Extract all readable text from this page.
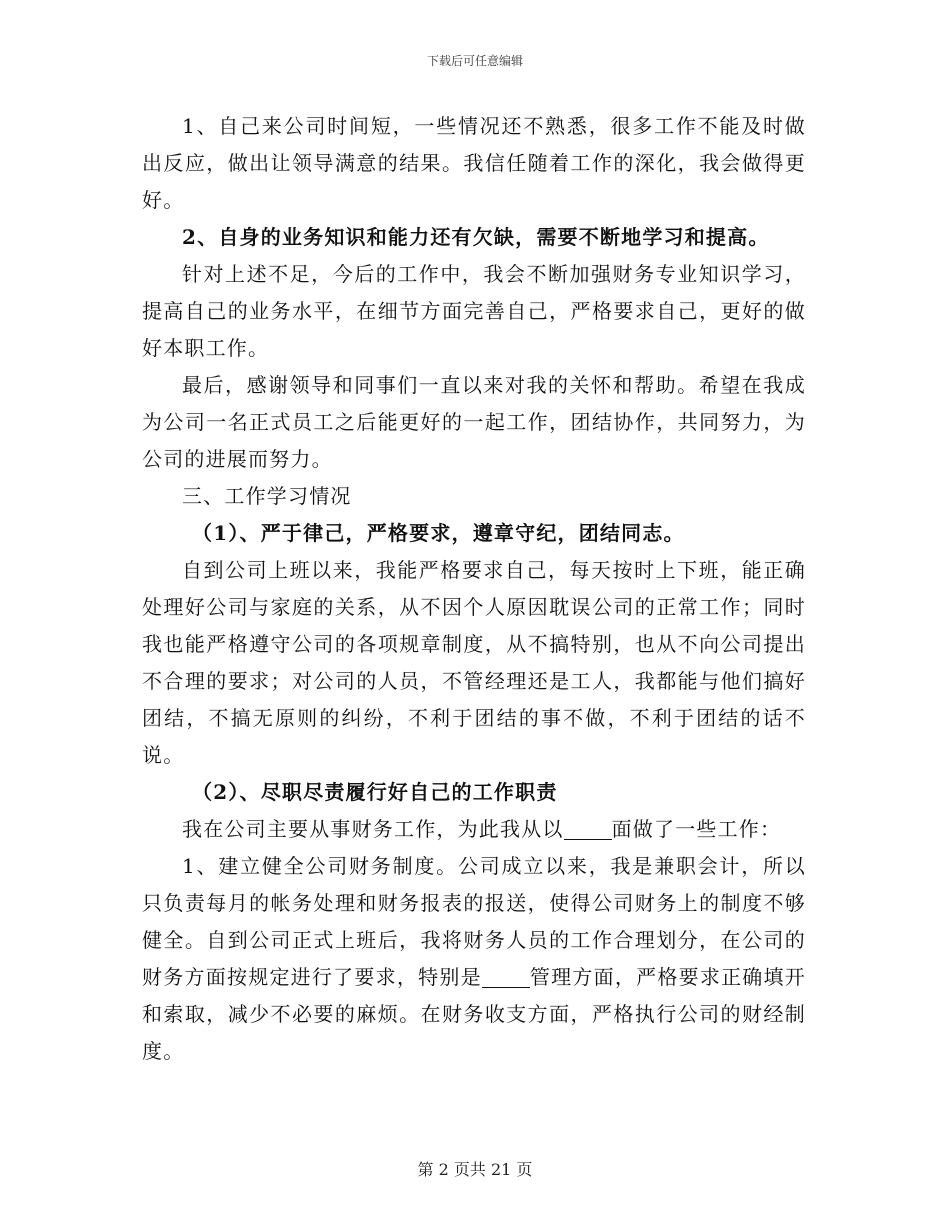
下载后可任意编辑

1、自己来公司时间短，一些情况还不熟悉，很多工作不能及时做出反应，做出让领导满意的结果。我信任随着工作的深化，我会做得更好。

2、自身的业务知识和能力还有欠缺，需要不断地学习和提高。

针对上述不足，今后的工作中，我会不断加强财务专业知识学习，提高自己的业务水平，在细节方面完善自己，严格要求自己，更好的做好本职工作。

最后，感谢领导和同事们一直以来对我的关怀和帮助。希望在我成为公司一名正式员工之后能更好的一起工作，团结协作，共同努力，为公司的进展而努力。

三、工作学习情况

（1）、严于律己，严格要求，遵章守纪，团结同志。

自到公司上班以来，我能严格要求自己，每天按时上下班，能正确处理好公司与家庭的关系，从不因个人原因耽误公司的正常工作；同时我也能严格遵守公司的各项规章制度，从不搞特别，也从不向公司提出不合理的要求；对公司的人员，不管经理还是工人，我都能与他们搞好团结，不搞无原则的纠纷，不利于团结的事不做，不利于团结的话不说。

（2）、尽职尽责履行好自己的工作职责

我在公司主要从事财务工作，为此我从以 面做了一些工作：

1、建立健全公司财务制度。公司成立以来，我是兼职会计，所以只负责每月的帐务处理和财务报表的报送，使得公司财务上的制度不够健全。自到公司正式上班后，我将财务人员的工作合理划分，在公司的财务方面按规定进行了要求，特别是 管理方面，严格要求正确填开和索取，减少不必要的麻烦。在财务收支方面，严格执行公司的财经制度。

第 2 页共 21 页
